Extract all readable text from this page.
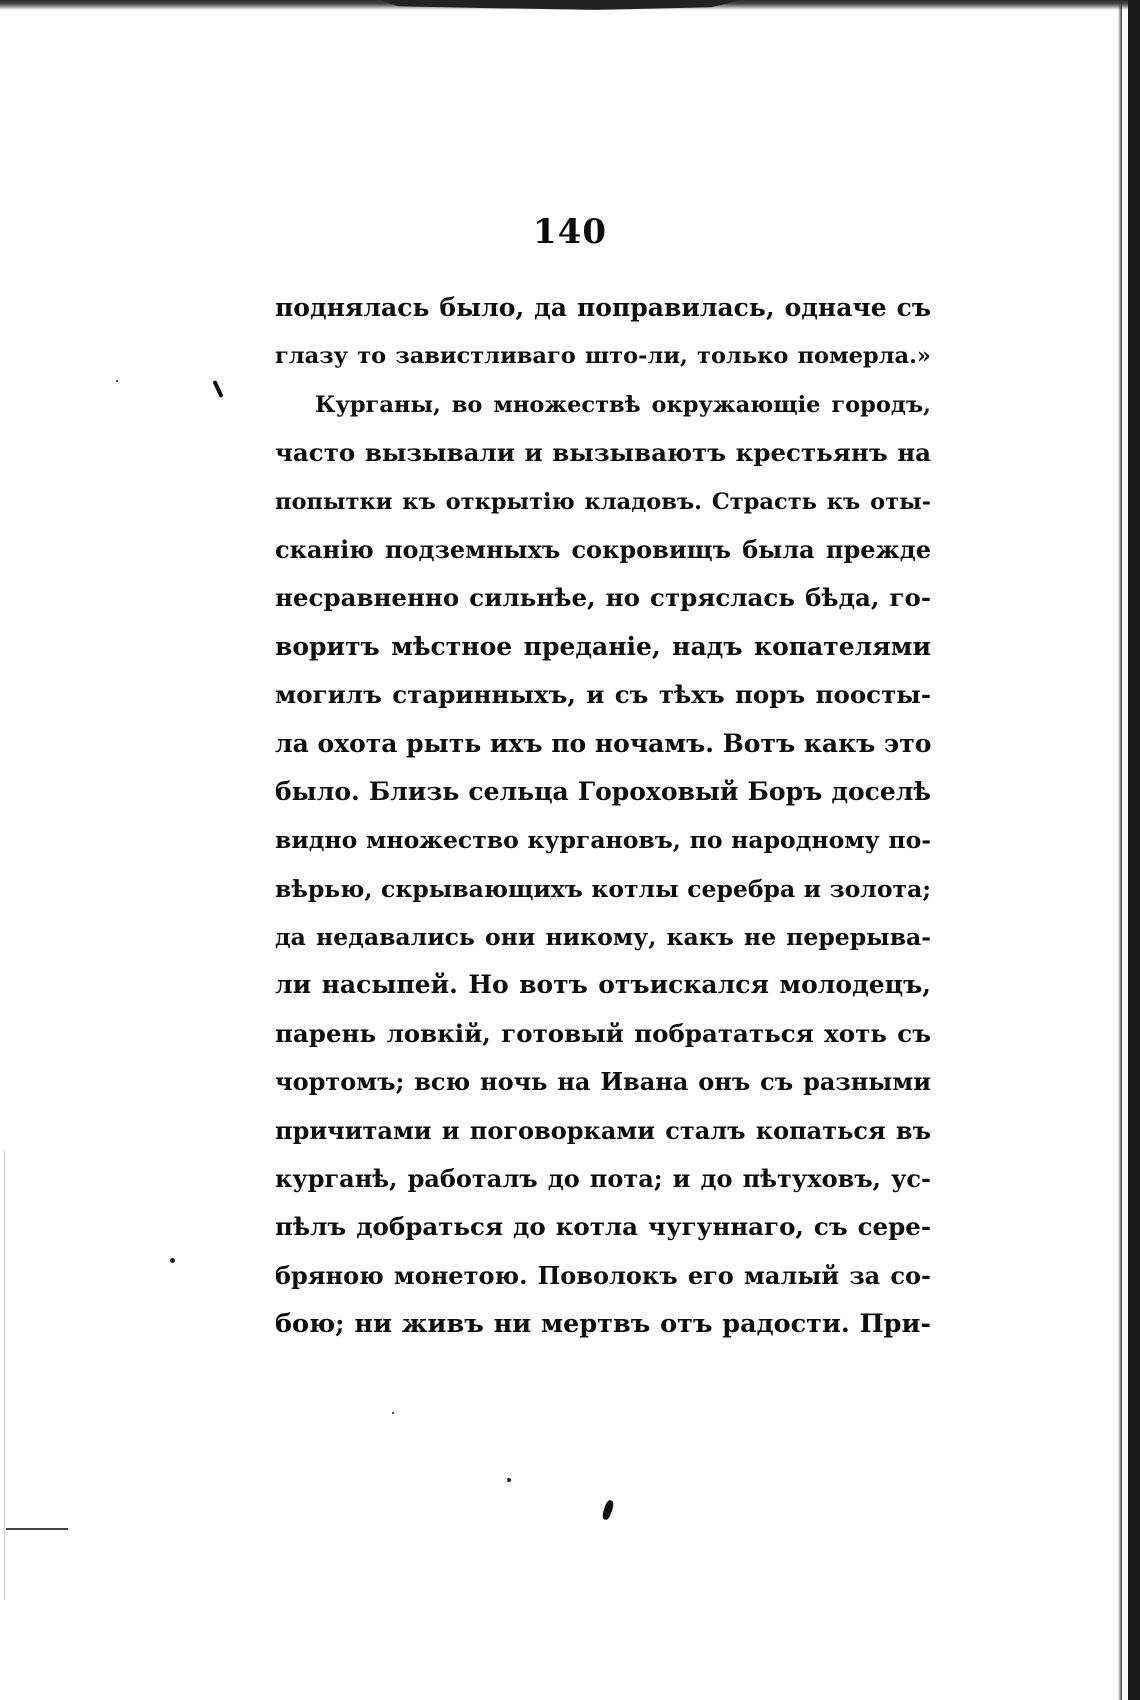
140
поднялась было, да поправилась, одначе съ
глазу то завистливаго што-ли, только померла.»
Курганы, во множествѣ окружающіе городъ,
часто вызывали и вызываютъ крестьянъ на
попытки къ открытію кладовъ. Страсть къ оты-
сканію подземныхъ сокровищъ была прежде
несравненно сильнѣе, но стряслась бѣда, го-
воритъ мѣстное преданіе, надъ копателями
могилъ старинныхъ, и съ тѣхъ поръ поосты-
ла охота рыть ихъ по ночамъ. Вотъ какъ это
было. Близь сельца Гороховый Боръ доселѣ
видно множество кургановъ, по народному по-
вѣрью, скрывающихъ котлы серебра и золота;
да недавались они никому, какъ не перерыва-
ли насыпей. Но вотъ отъискался молодецъ,
парень ловкій, готовый побрататься хоть съ
чортомъ; всю ночь на Ивана онъ съ разными
причитами и поговорками сталъ копаться въ
курганѣ, работалъ до пота; и до пѣтуховъ, ус-
пѣлъ добраться до котла чугуннаго, съ сере-
бряною монетою. Поволокъ его малый за со-
бою; ни живъ ни мертвъ отъ радости. При-
